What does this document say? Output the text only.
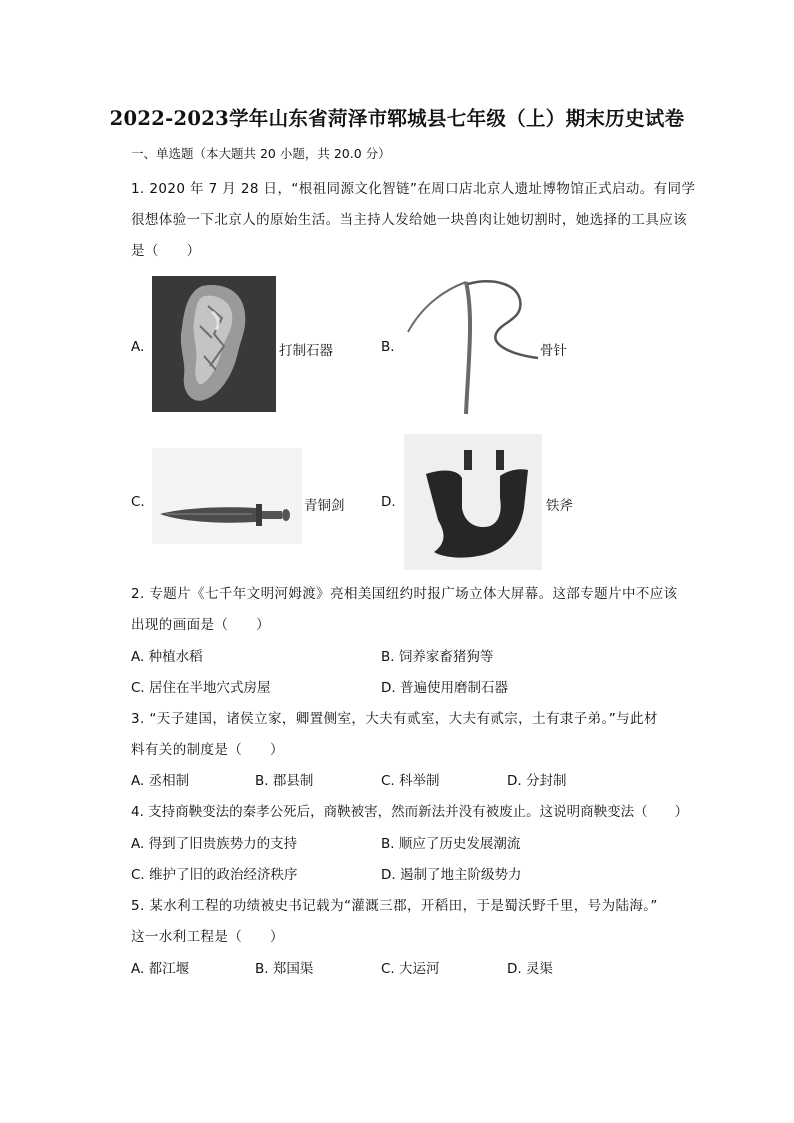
2022-2023学年山东省菏泽市郓城县七年级（上）期末历史试卷
一、单选题（本大题共 20 小题，共 20.0 分）
1. 2020 年 7 月 28 日，“根祖同源文化智链”在周口店北京人遗址博物馆正式启动。有同学
很想体验一下北京人的原始生活。当主持人发给她一块兽肉让她切割时，她选择的工具应该
是（　　）
A.	打制石器	B.	骨针
C.	青铜剑	D.	铁斧
2. 专题片《七千年文明河姆渡》亮相美国纽约时报广场立体大屏幕。这部专题片中不应该
出现的画面是（　　）
A. 种植水稻	B. 饲养家畜猪狗等
C. 居住在半地穴式房屋	D. 普遍使用磨制石器
3. “天子建国，诸侯立家，卿置侧室，大夫有贰室，大夫有贰宗，土有隶子弟。”与此材
料有关的制度是（　　）
A. 丞相制	B. 郡县制	C. 科举制	D. 分封制
4. 支持商鞅变法的秦孝公死后，商鞅被害，然而新法并没有被废止。这说明商鞅变法（　　）
A. 得到了旧贵族势力的支持	B. 顺应了历史发展潮流
C. 维护了旧的政治经济秩序	D. 遏制了地主阶级势力
5. 某水利工程的功绩被史书记载为“灌溉三郡，开稻田，于是蜀沃野千里，号为陆海。”
这一水利工程是（　　）
A. 都江堰	B. 郑国渠	C. 大运河	D. 灵渠
